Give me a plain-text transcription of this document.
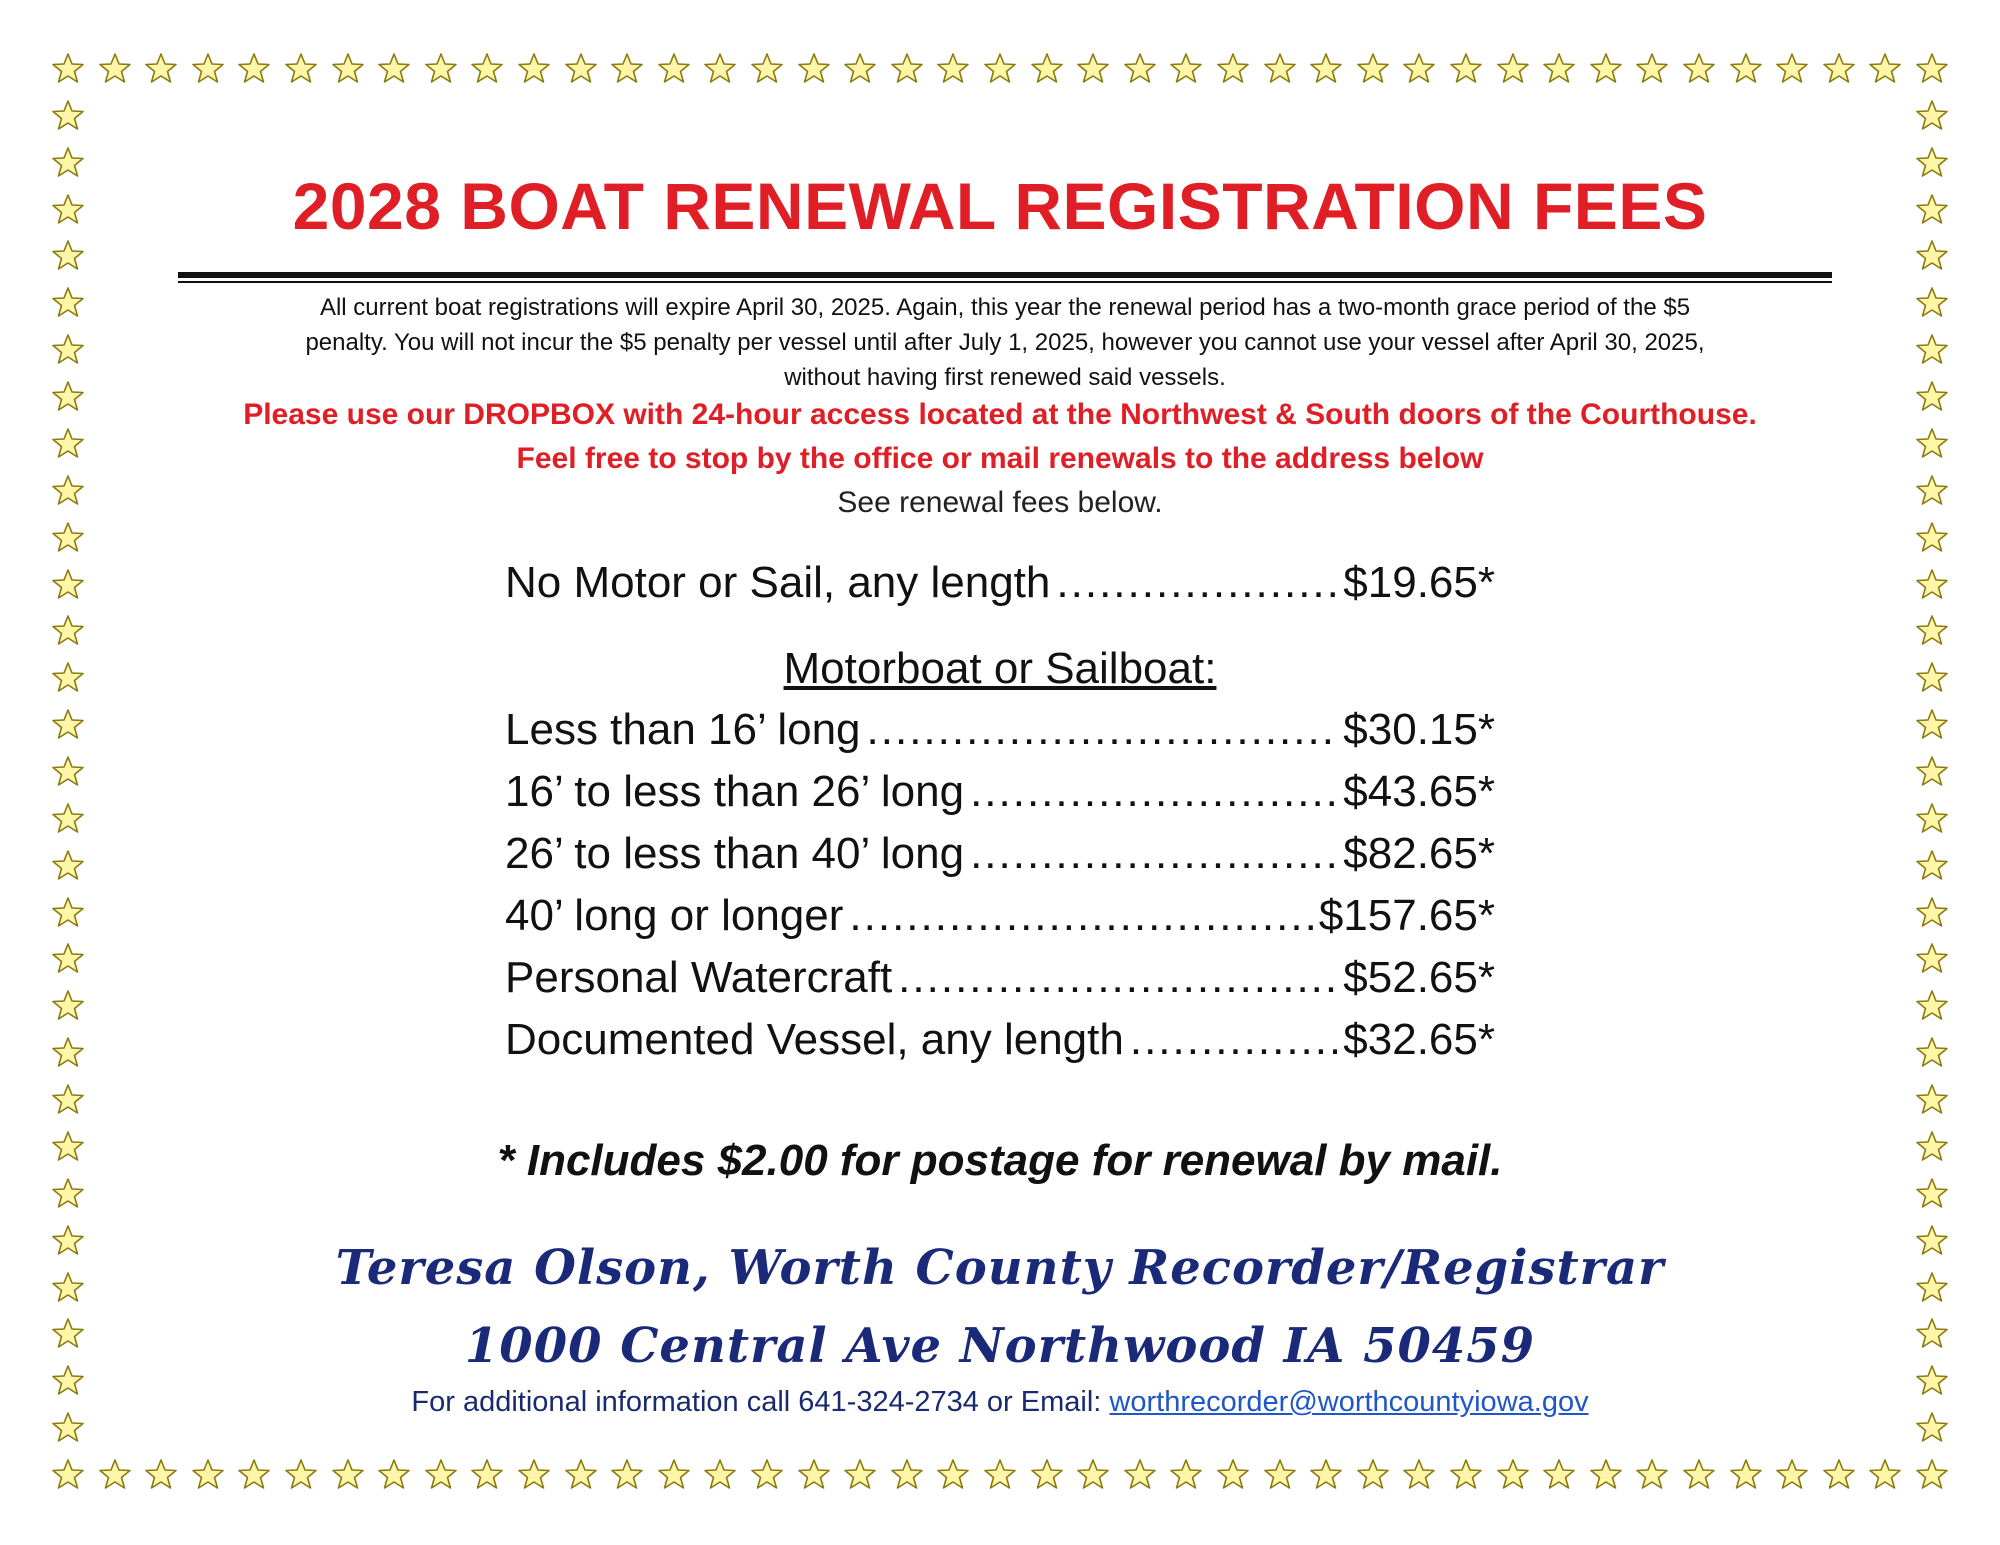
2028 BOAT RENEWAL REGISTRATION FEES
All current boat registrations will expire April 30, 2025. Again, this year the renewal period has a two-month grace period of the $5
penalty. You will not incur the $5 penalty per vessel until after July 1, 2025, however you cannot use your vessel after April 30, 2025,
without having first renewed said vessels.
Please use our DROPBOX with 24-hour access located at the Northwest & South doors of the Courthouse.
Feel free to stop by the office or mail renewals to the address below
See renewal fees below.
No Motor or Sail, any length .....	$19.65*
Motorboat or Sailboat:
Less than 16’ long .....	$30.15*
16’ to less than 26’ long .....	$43.65*
26’ to less than 40’ long .....	$82.65*
40’ long or longer .....	$157.65*
Personal Watercraft .....	$52.65*
Documented Vessel, any length .....	$32.65*
* Includes $2.00 for postage for renewal by mail.
Teresa Olson, Worth County Recorder/Registrar
1000 Central Ave Northwood IA 50459
For additional information call 641-324-2734 or Email: worthrecorder@worthcountyiowa.gov
